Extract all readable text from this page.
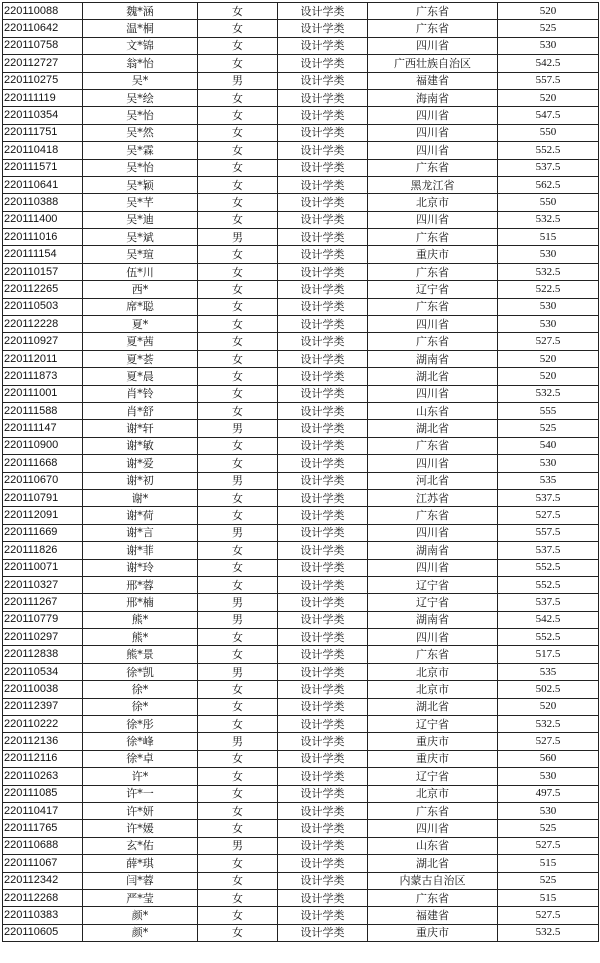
220110088	魏*涵	女	设计学类	广东省	520
220110642	温*桐	女	设计学类	广东省	525
220110758	文*锦	女	设计学类	四川省	530
220112727	翁*怡	女	设计学类	广西壮族自治区	542.5
220110275	吴*	男	设计学类	福建省	557.5
220111119	吴*绘	女	设计学类	海南省	520
220110354	吴*怡	女	设计学类	四川省	547.5
220111751	吴*然	女	设计学类	四川省	550
220110418	吴*霖	女	设计学类	四川省	552.5
220111571	吴*怡	女	设计学类	广东省	537.5
220110641	吴*颖	女	设计学类	黑龙江省	562.5
220110388	吴*芊	女	设计学类	北京市	550
220111400	吴*迪	女	设计学类	四川省	532.5
220111016	吴*斌	男	设计学类	广东省	515
220111154	吴*瑄	女	设计学类	重庆市	530
220110157	伍*川	女	设计学类	广东省	532.5
220112265	西*	女	设计学类	辽宁省	522.5
220110503	席*聪	女	设计学类	广东省	530
220112228	夏*	女	设计学类	四川省	530
220110927	夏*茜	女	设计学类	广东省	527.5
220112011	夏*荟	女	设计学类	湖南省	520
220111873	夏*晨	女	设计学类	湖北省	520
220111001	肖*铃	女	设计学类	四川省	532.5
220111588	肖*舒	女	设计学类	山东省	555
220111147	谢*轩	男	设计学类	湖北省	525
220110900	谢*敏	女	设计学类	广东省	540
220111668	谢*爱	女	设计学类	四川省	530
220110670	谢*初	男	设计学类	河北省	535
220110791	谢*	女	设计学类	江苏省	537.5
220112091	谢*荷	女	设计学类	广东省	527.5
220111669	谢*言	男	设计学类	四川省	557.5
220111826	谢*菲	女	设计学类	湖南省	537.5
220110071	谢*玲	女	设计学类	四川省	552.5
220110327	邢*蓉	女	设计学类	辽宁省	552.5
220111267	邢*楠	男	设计学类	辽宁省	537.5
220110779	熊*	男	设计学类	湖南省	542.5
220110297	熊*	女	设计学类	四川省	552.5
220112838	熊*景	女	设计学类	广东省	517.5
220110534	徐*凯	男	设计学类	北京市	535
220110038	徐*	女	设计学类	北京市	502.5
220112397	徐*	女	设计学类	湖北省	520
220110222	徐*彤	女	设计学类	辽宁省	532.5
220112136	徐*峰	男	设计学类	重庆市	527.5
220112116	徐*卓	女	设计学类	重庆市	560
220110263	许*	女	设计学类	辽宁省	530
220111085	许*一	女	设计学类	北京市	497.5
220110417	许*妍	女	设计学类	广东省	530
220111765	许*媛	女	设计学类	四川省	525
220110688	玄*佑	男	设计学类	山东省	527.5
220111067	薛*琪	女	设计学类	湖北省	515
220112342	闫*蓉	女	设计学类	内蒙古自治区	525
220112268	严*莹	女	设计学类	广东省	515
220110383	颜*	女	设计学类	福建省	527.5
220110605	颜*	女	设计学类	重庆市	532.5
